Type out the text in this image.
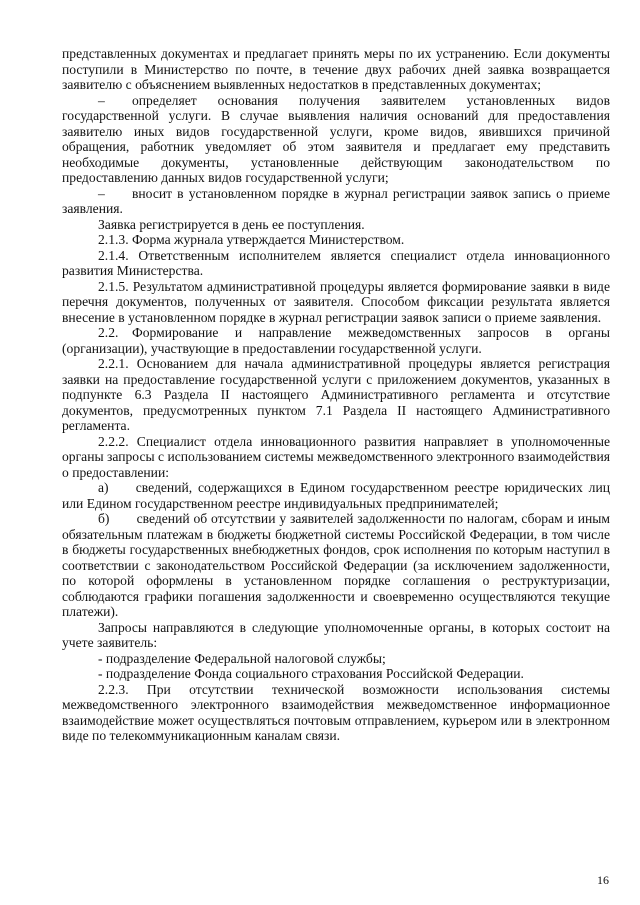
представленных документах и предлагает принять меры по их устранению. Если документы поступили в Министерство по почте, в течение двух рабочих дней заявка возвращается заявителю с объяснением выявленных недостатков в представленных документах;

–  определяет основания получения заявителем установленных видов государственной услуги. В случае выявления наличия оснований для предоставления заявителю иных видов государственной услуги, кроме видов, явившихся причиной обращения, работник уведомляет об этом заявителя и предлагает ему представить необходимые документы, установленные действующим законодательством по предоставлению данных видов государственной услуги;

–  вносит в установленном порядке в журнал регистрации заявок запись о приеме заявления.

Заявка регистрируется в день ее поступления.

2.1.3. Форма журнала утверждается Министерством.

2.1.4. Ответственным исполнителем является специалист отдела инновационного развития Министерства.

2.1.5. Результатом административной процедуры является формирование заявки в виде перечня документов, полученных от заявителя. Способом фиксации результата является внесение в установленном порядке в журнал регистрации заявок записи о приеме заявления.

2.2. Формирование и направление межведомственных запросов в органы (организации), участвующие в предоставлении государственной услуги.

2.2.1. Основанием для начала административной процедуры является регистрация заявки на предоставление государственной услуги с приложением документов, указанных в подпункте 6.3 Раздела II настоящего Административного регламента и отсутствие документов, предусмотренных пунктом 7.1 Раздела II настоящего Административного регламента.

2.2.2. Специалист отдела инновационного развития направляет в уполномоченные органы запросы с использованием системы межведомственного электронного взаимодействия о предоставлении:

а)  сведений, содержащихся в Едином государственном реестре юридических лиц или Едином государственном реестре индивидуальных предпринимателей;

б)  сведений об отсутствии у заявителей задолженности по налогам, сборам и иным обязательным платежам в бюджеты бюджетной системы Российской Федерации, в том числе в бюджеты государственных внебюджетных фондов, срок исполнения по которым наступил в соответствии с законодательством Российской Федерации (за исключением задолженности, по которой оформлены в установленном порядке соглашения о реструктуризации, соблюдаются графики погашения задолженности и своевременно осуществляются текущие платежи).

Запросы направляются в следующие уполномоченные органы, в которых состоит на учете заявитель:

- подразделение Федеральной налоговой службы;

- подразделение Фонда социального страхования Российской Федерации.

2.2.3. При отсутствии технической возможности использования системы межведомственного электронного взаимодействия межведомственное информационное взаимодействие может осуществляться почтовым отправлением, курьером или в электронном виде по телекоммуникационным каналам связи.

16
